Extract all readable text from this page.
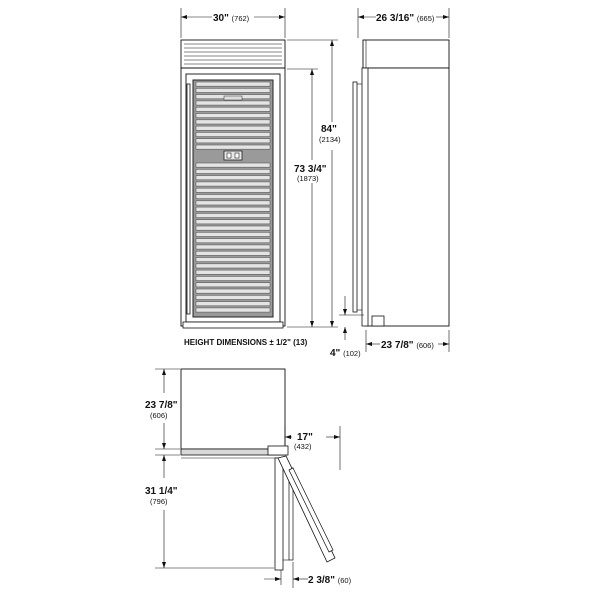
30" (762)
84"
(2134)
73 3/4"
(1873)
HEIGHT DIMENSIONS ± 1/2" (13)
26 3/16" (665)
4" (102)
23 7/8" (606)
23 7/8"
(606)
31 1/4"
(796)
17"
(432)
2 3/8" (60)
